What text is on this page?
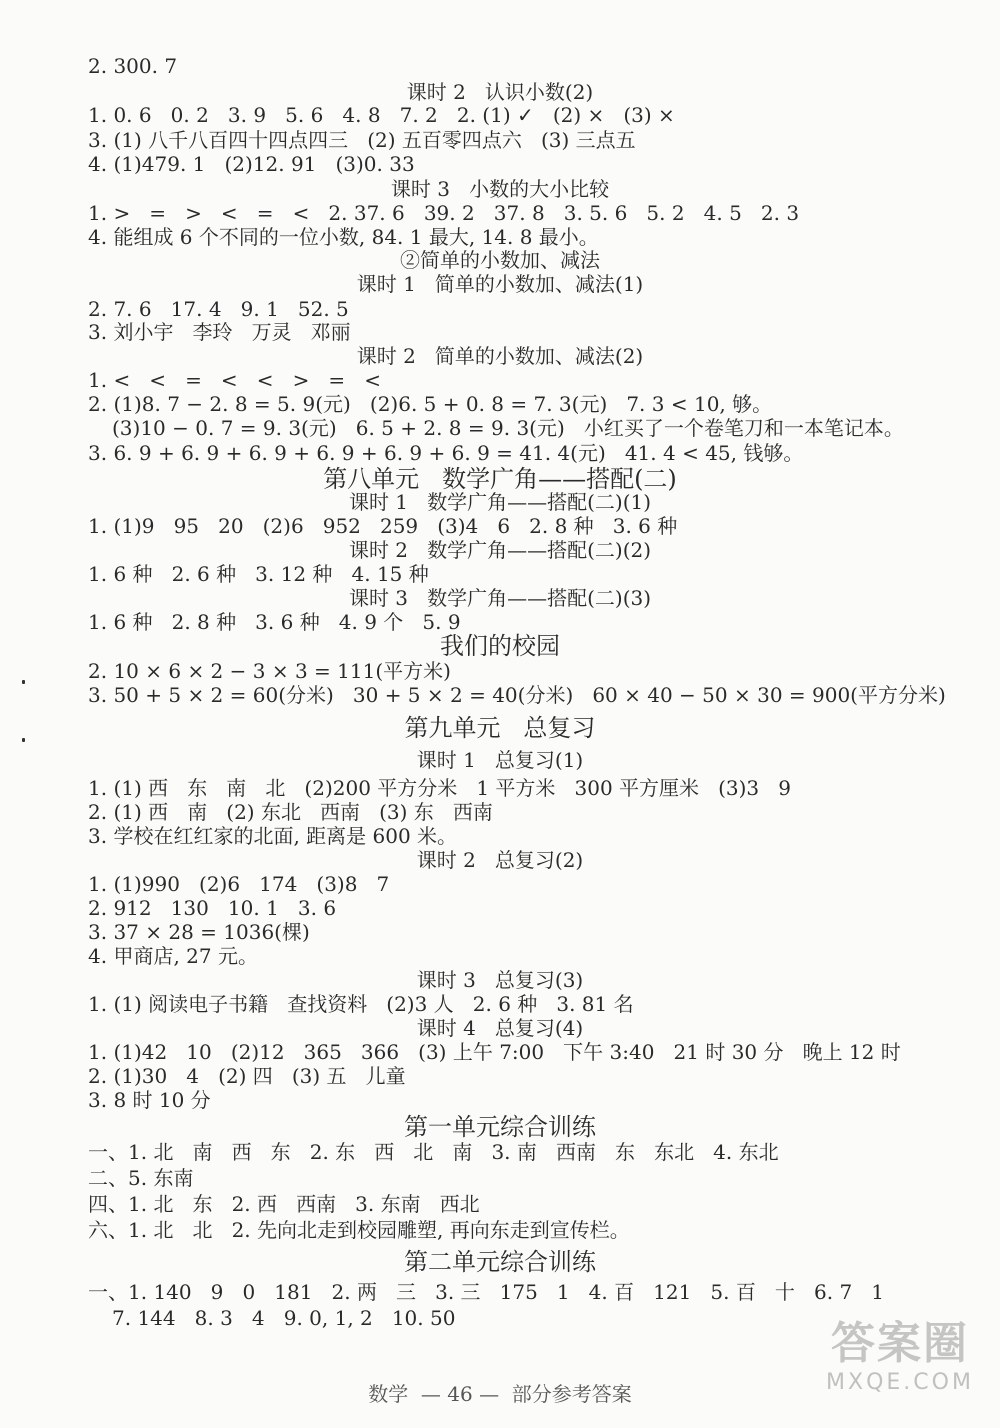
2. 300. 7
课时 2   认识小数(2)
1. 0. 6   0. 2   3. 9   5. 6   4. 8   7. 2   2. (1) ✓   (2) ×   (3) ×
3. (1) 八千八百四十四点四三   (2) 五百零四点六   (3) 三点五
4. (1)479. 1   (2)12. 91   (3)0. 33
课时 3   小数的大小比较
1. >   =   >   <   =   <   2. 37. 6   39. 2   37. 8   3. 5. 6   5. 2   4. 5   2. 3
4. 能组成 6 个不同的一位小数, 84. 1 最大, 14. 8 最小。
②简单的小数加、减法
课时 1   简单的小数加、减法(1)
2. 7. 6   17. 4   9. 1   52. 5
3. 刘小宇   李玲   万灵   邓丽
课时 2   简单的小数加、减法(2)
1. <   <   =   <   <   >   =   <
2. (1)8. 7 − 2. 8 = 5. 9(元)   (2)6. 5 + 0. 8 = 7. 3(元)   7. 3 < 10, 够。
(3)10 − 0. 7 = 9. 3(元)   6. 5 + 2. 8 = 9. 3(元)   小红买了一个卷笔刀和一本笔记本。
3. 6. 9 + 6. 9 + 6. 9 + 6. 9 + 6. 9 + 6. 9 = 41. 4(元)   41. 4 < 45, 钱够。
第八单元   数学广角——搭配(二)
课时 1   数学广角——搭配(二)(1)
1. (1)9   95   20   (2)6   952   259   (3)4   6   2. 8 种   3. 6 种
课时 2   数学广角——搭配(二)(2)
1. 6 种   2. 6 种   3. 12 种   4. 15 种
课时 3   数学广角——搭配(二)(3)
1. 6 种   2. 8 种   3. 6 种   4. 9 个   5. 9
我们的校园
2. 10 × 6 × 2 − 3 × 3 = 111(平方米)
3. 50 + 5 × 2 = 60(分米)   30 + 5 × 2 = 40(分米)   60 × 40 − 50 × 30 = 900(平方分米)
第九单元   总复习
课时 1   总复习(1)
1. (1) 西   东   南   北   (2)200 平方分米   1 平方米   300 平方厘米   (3)3   9
2. (1) 西   南   (2) 东北   西南   (3) 东   西南
3. 学校在红红家的北面, 距离是 600 米。
课时 2   总复习(2)
1. (1)990   (2)6   174   (3)8   7
2. 912   130   10. 1   3. 6
3. 37 × 28 = 1036(棵)
4. 甲商店, 27 元。
课时 3   总复习(3)
1. (1) 阅读电子书籍   查找资料   (2)3 人   2. 6 种   3. 81 名
课时 4   总复习(4)
1. (1)42   10   (2)12   365   366   (3) 上午 7:00   下午 3:40   21 时 30 分   晚上 12 时
2. (1)30   4   (2) 四   (3) 五   儿童
3. 8 时 10 分
第一单元综合训练
一、1. 北   南   西   东   2. 东   西   北   南   3. 南   西南   东   东北   4. 东北
二、5. 东南
四、1. 北   东   2. 西   西南   3. 东南   西北
六、1. 北   北   2. 先向北走到校园雕塑, 再向东走到宣传栏。
第二单元综合训练
一、1. 140   9   0   181   2. 两   三   3. 三   175   1   4. 百   121   5. 百   十   6. 7   1
7. 144   8. 3   4   9. 0, 1, 2   10. 50
数学  — 46 —  部分参考答案
答案圈
MXQE.COM
